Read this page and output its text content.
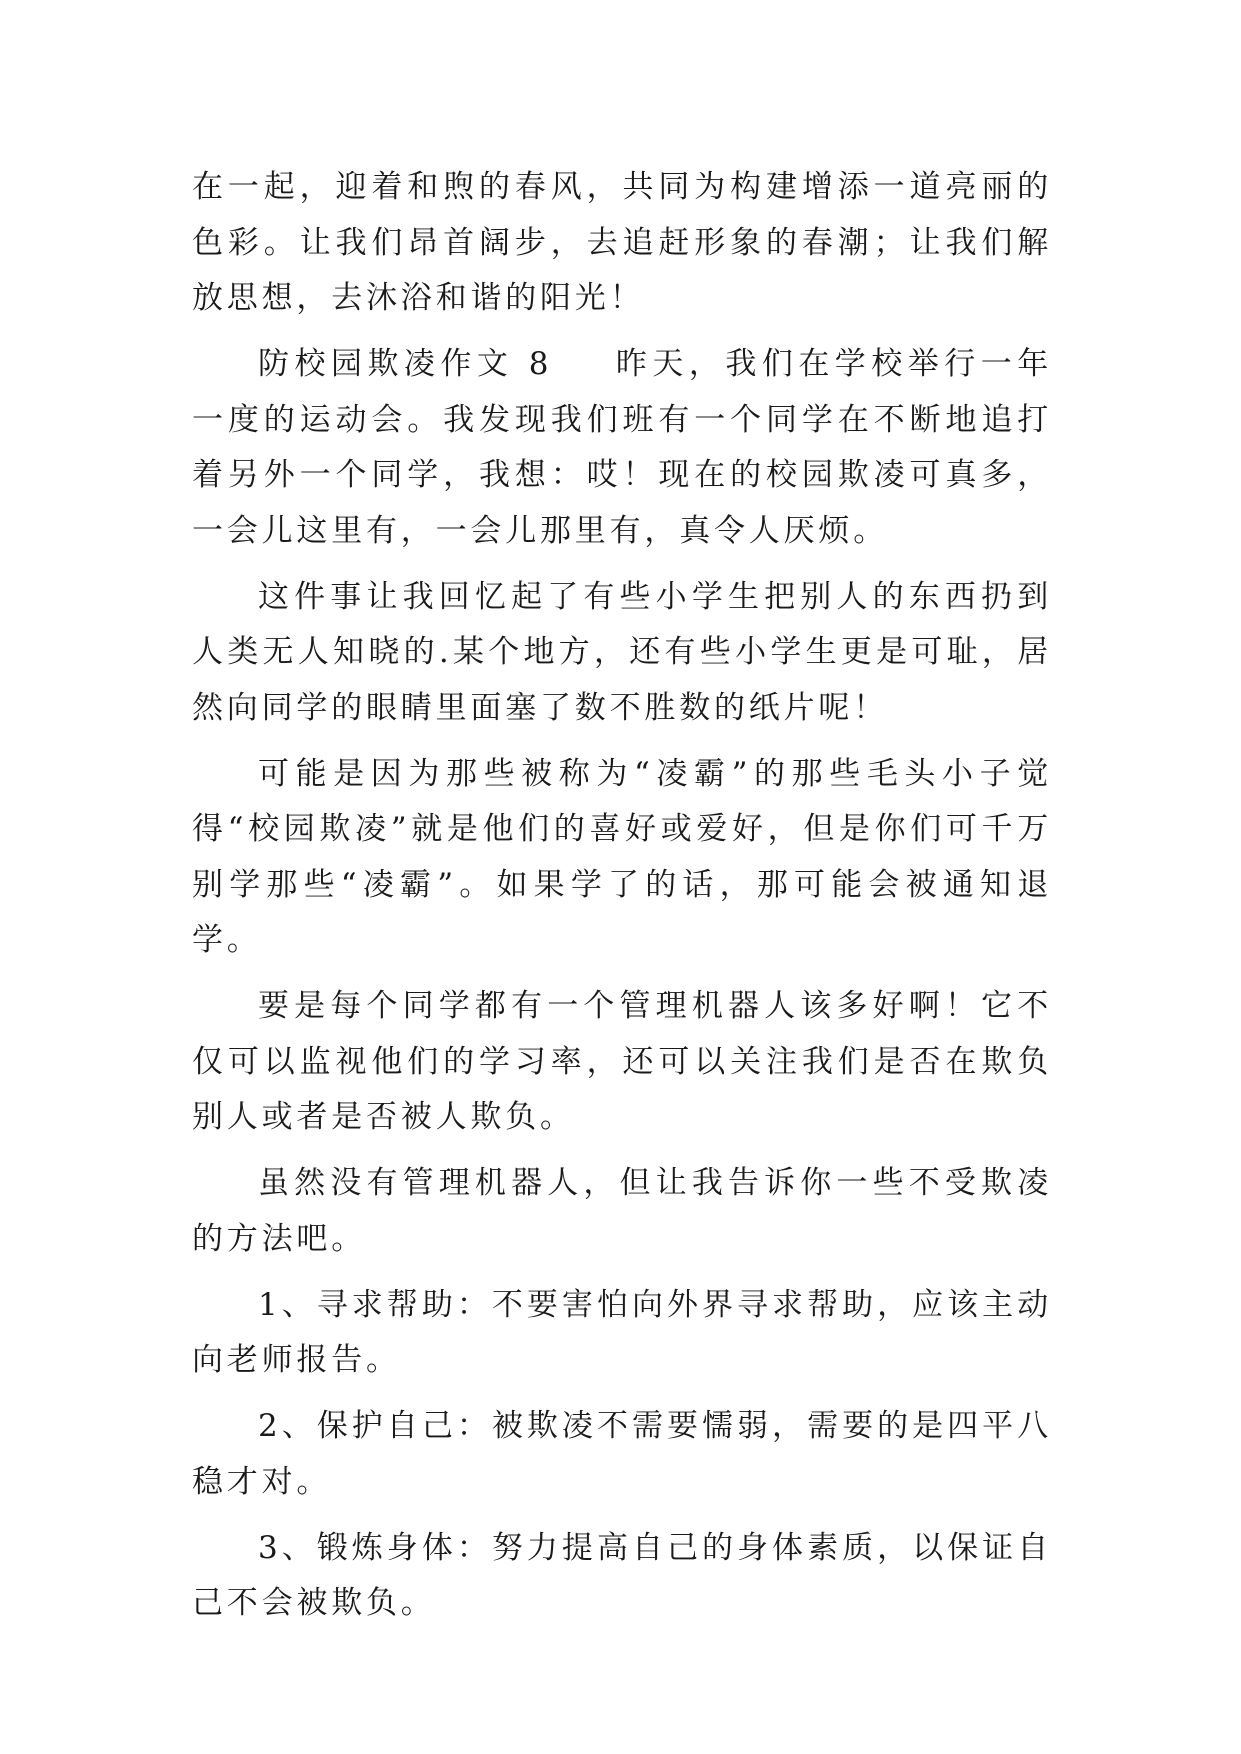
在一起，迎着和煦的春风，共同为构建增添一道亮丽的色彩。让我们昂首阔步，去追赶形象的春潮；让我们解放思想，去沐浴和谐的阳光！

防校园欺凌作文 8 昨天，我们在学校举行一年一度的运动会。我发现我们班有一个同学在不断地追打着另外一个同学，我想：哎！现在的校园欺凌可真多，一会儿这里有，一会儿那里有，真令人厌烦。

这件事让我回忆起了有些小学生把别人的东西扔到人类无人知晓的.某个地方，还有些小学生更是可耻，居然向同学的眼睛里面塞了数不胜数的纸片呢！

可能是因为那些被称为“凌霸”的那些毛头小子觉得“校园欺凌”就是他们的喜好或爱好，但是你们可千万别学那些“凌霸”。如果学了的话，那可能会被通知退学。

要是每个同学都有一个管理机器人该多好啊！它不仅可以监视他们的学习率，还可以关注我们是否在欺负别人或者是否被人欺负。

虽然没有管理机器人，但让我告诉你一些不受欺凌的方法吧。

1、寻求帮助：不要害怕向外界寻求帮助，应该主动向老师报告。

2、保护自己：被欺凌不需要懦弱，需要的是四平八稳才对。

3、锻炼身体：努力提高自己的身体素质，以保证自己不会被欺负。
